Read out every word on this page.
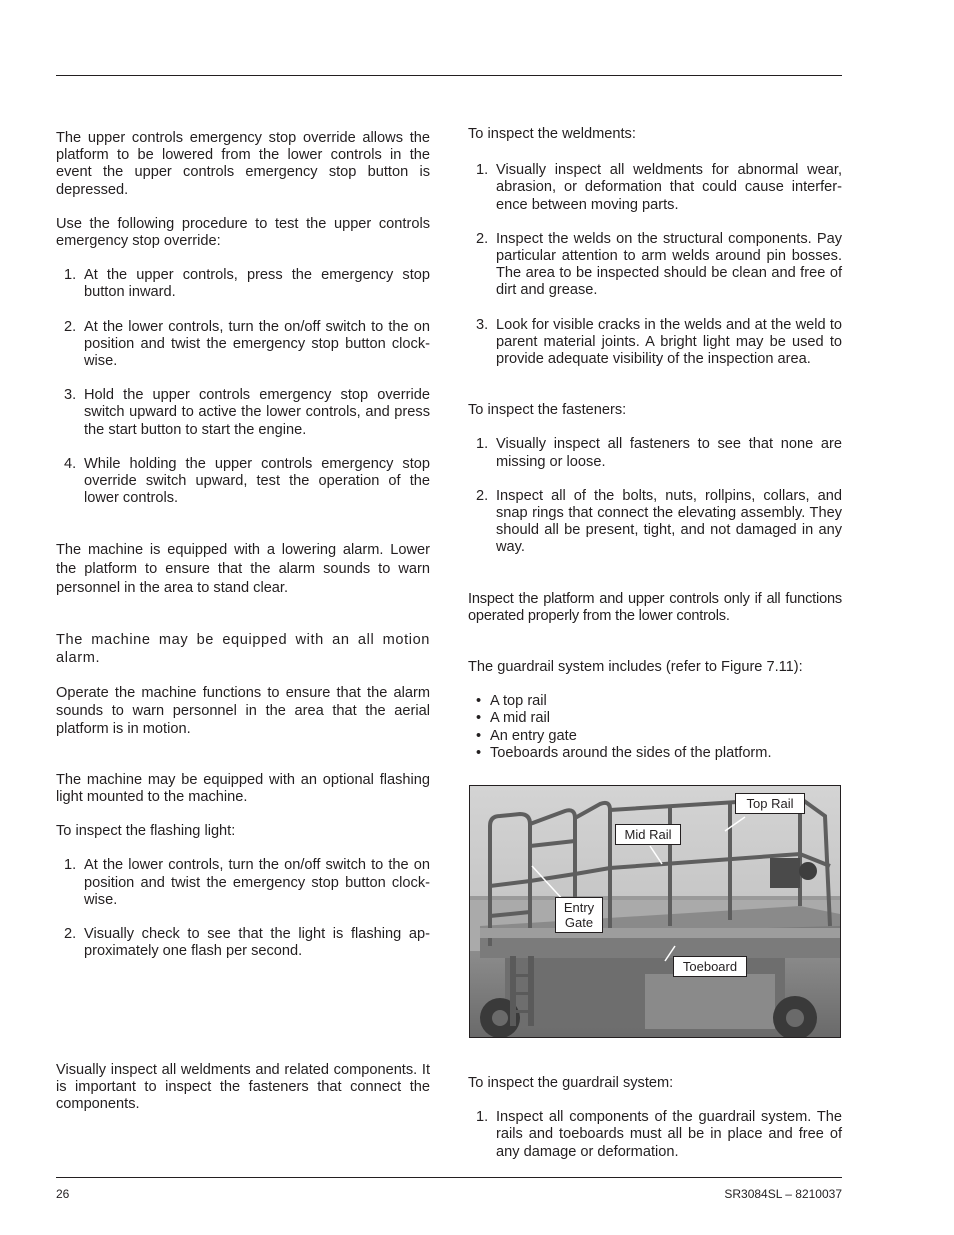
The upper controls emergency stop override allows the platform to be lowered from the lower controls in the event the upper controls emergency stop button is depressed.

Use the following procedure to test the upper controls emergency stop override:

1. At the upper controls, press the emergency stop button inward.
2. At the lower controls, turn the on/off switch to the on position and twist the emergency stop button clock-wise.
3. Hold the upper controls emergency stop override switch upward to active the lower controls, and press the start button to start the engine.
4. While holding the upper controls emergency stop override switch upward, test the operation of the lower controls.

The machine is equipped with a lowering alarm. Lower the platform to ensure that the alarm sounds to warn personnel in the area to stand clear.

The machine may be equipped with an all motion alarm.

Operate the machine functions to ensure that the alarm sounds to warn personnel in the area that the aerial platform is in motion.

The machine may be equipped with an optional flashing light mounted to the machine.

To inspect the flashing light:

1. At the lower controls, turn the on/off switch to the on position and twist the emergency stop button clock-wise.
2. Visually check to see that the light is flashing ap-proximately one flash per second.

Visually inspect all weldments and related components. It is important to inspect the fasteners that connect the components.

To inspect the weldments:

1. Visually inspect all weldments for abnormal wear, abrasion, or deformation that could cause interfer-ence between moving parts.
2. Inspect the welds on the structural components. Pay particular attention to arm welds around pin bosses. The area to be inspected should be clean and free of dirt and grease.
3. Look for visible cracks in the welds and at the weld to parent material joints. A bright light may be used to provide adequate visibility of the inspection area.

To inspect the fasteners:

1. Visually inspect all fasteners to see that none are missing or loose.
2. Inspect all of the bolts, nuts, rollpins, collars, and snap rings that connect the elevating assembly. They should all be present, tight, and not damaged in any way.

Inspect the platform and upper controls only if all functions operated properly from the lower controls.

The guardrail system includes (refer to Figure 7.11):

• A top rail
• A mid rail
• An entry gate
• Toeboards around the sides of the platform.
Top Rail
Mid Rail
Entry
Gate
Toeboard

To inspect the guardrail system:

1. Inspect all components of the guardrail system. The rails and toeboards must all be in place and free of any damage or deformation.
26	SR3084SL – 8210037
